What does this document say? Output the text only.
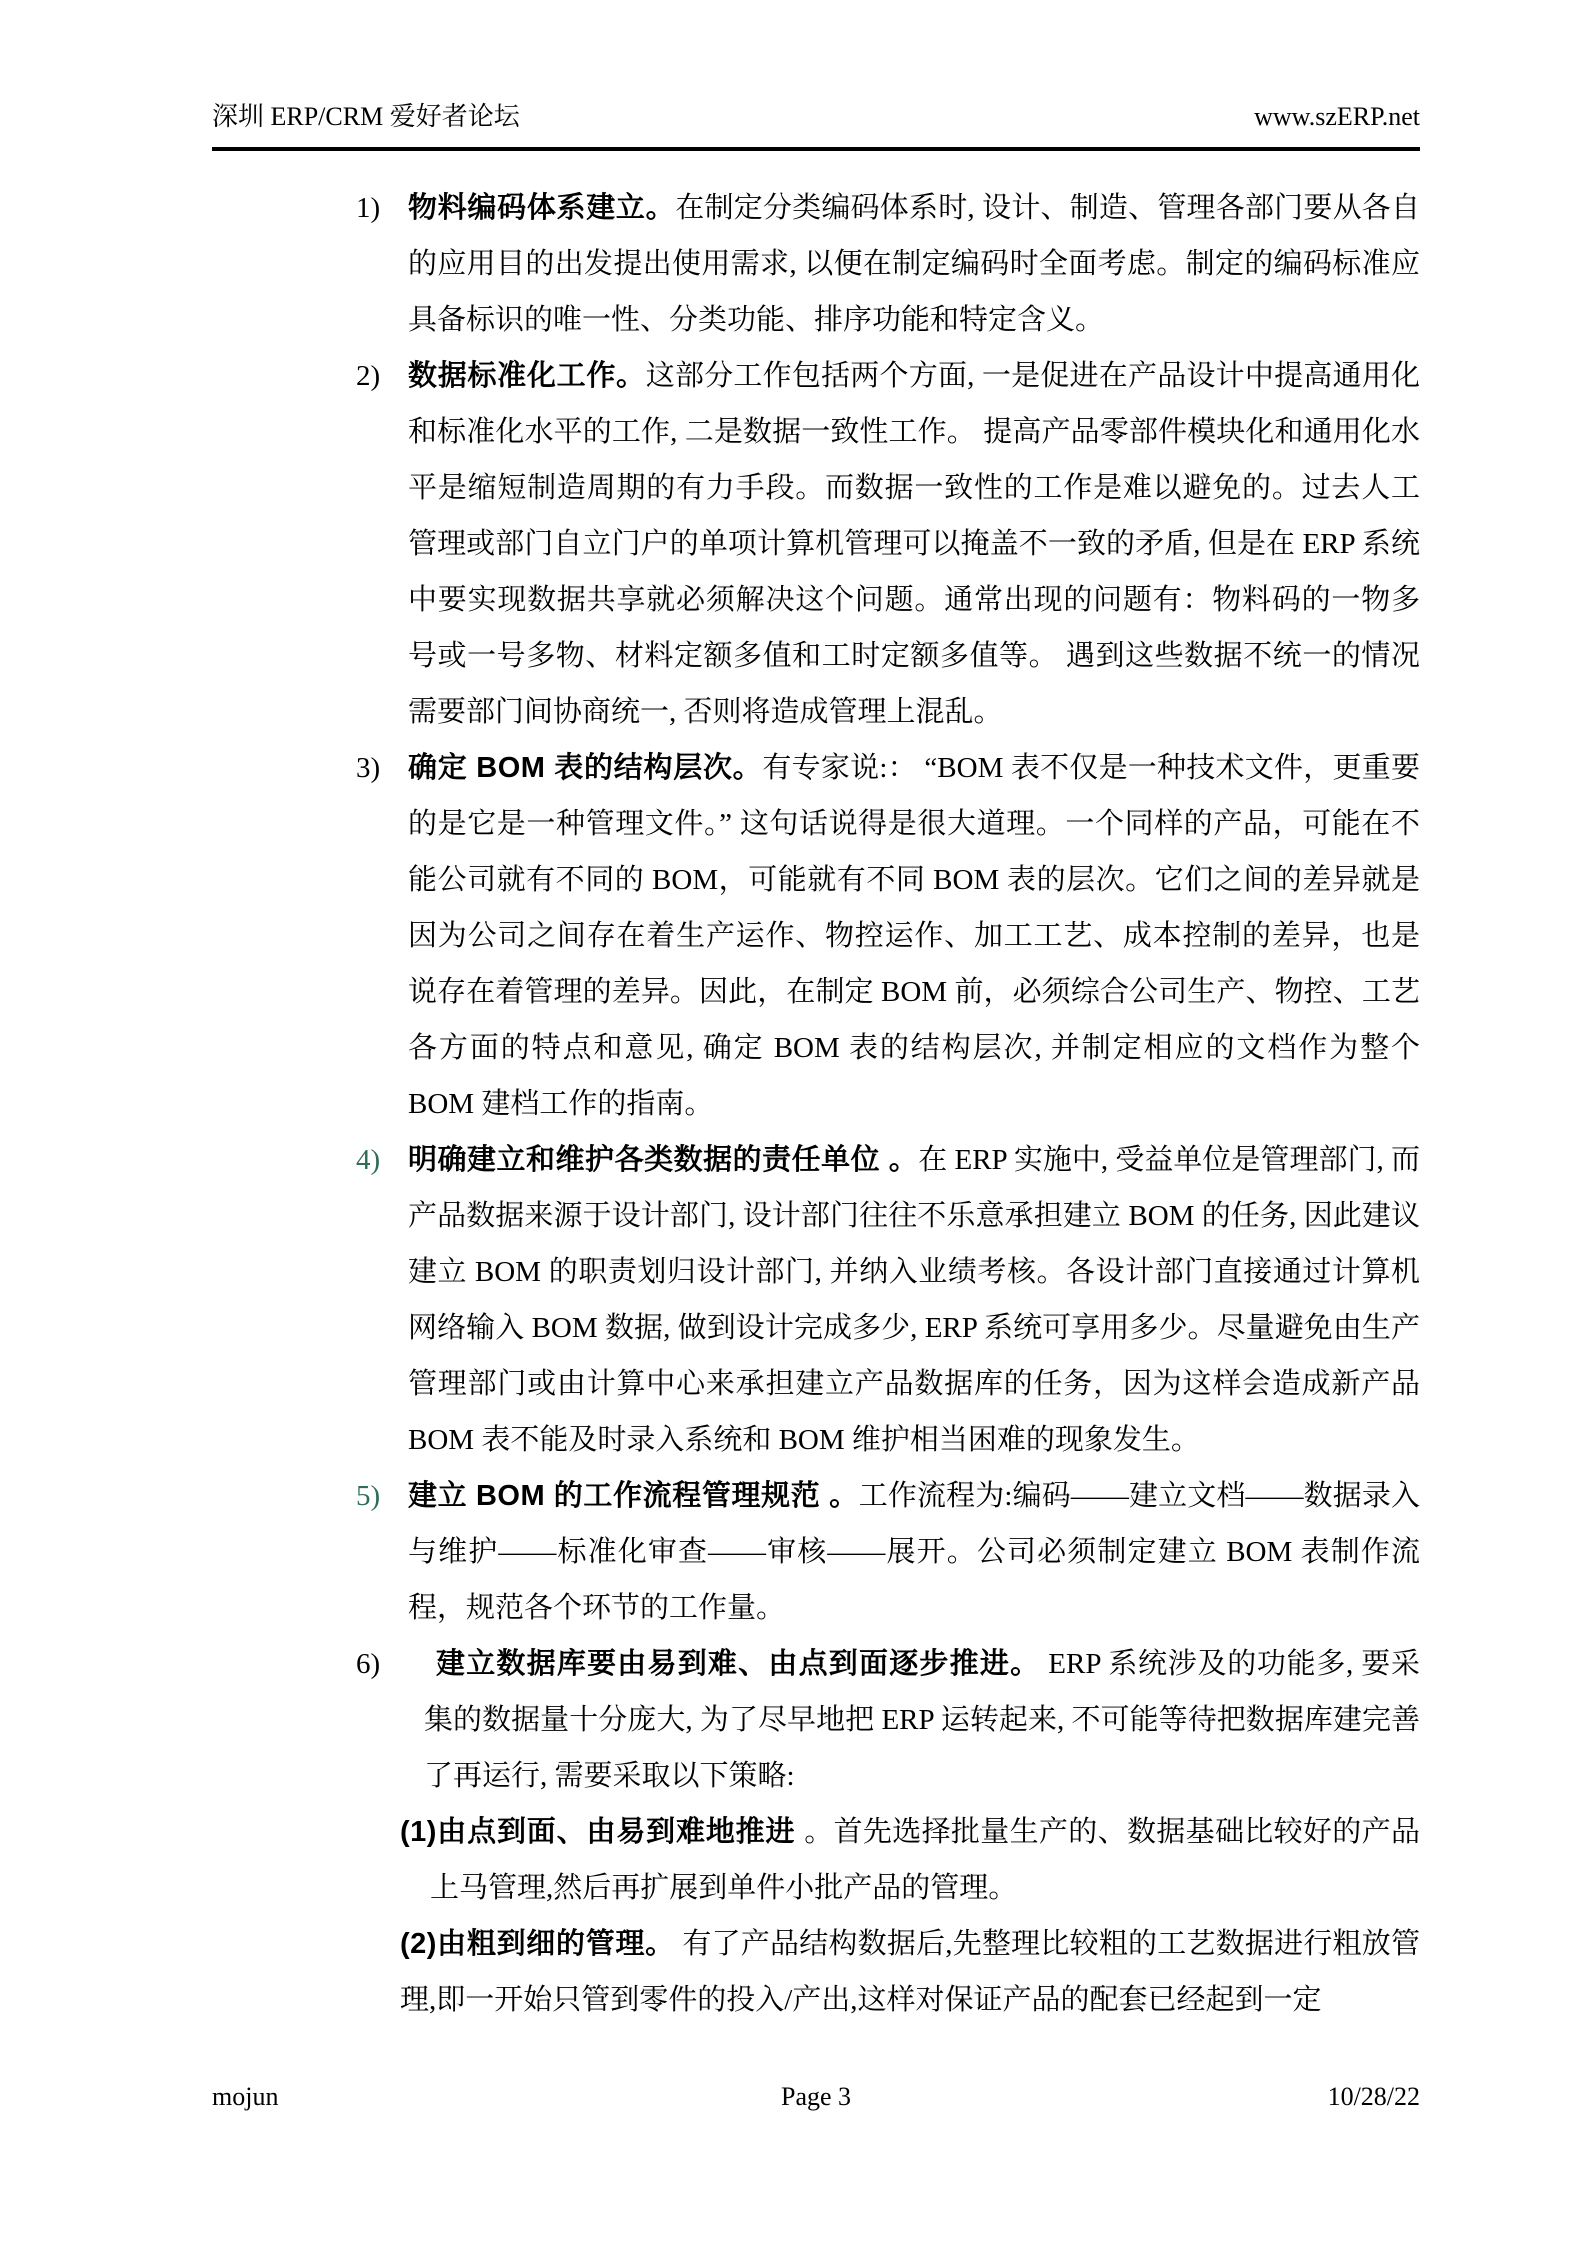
深圳 ERP/CRM 爱好者论坛	www.szERP.net
1) 物料编码体系建立。在制定分类编码体系时, 设计、制造、管理各部门要从各自的应用目的出发提出使用需求, 以便在制定编码时全面考虑。制定的编码标准应具备标识的唯一性、分类功能、排序功能和特定含义。
2) 数据标准化工作。这部分工作包括两个方面, 一是促进在产品设计中提高通用化和标准化水平的工作, 二是数据一致性工作。 提高产品零部件模块化和通用化水平是缩短制造周期的有力手段。而数据一致性的工作是难以避免的。过去人工管理或部门自立门户的单项计算机管理可以掩盖不一致的矛盾, 但是在 ERP 系统中要实现数据共享就必须解决这个问题。通常出现的问题有：物料码的一物多号或一号多物、材料定额多值和工时定额多值等。 遇到这些数据不统一的情况需要部门间协商统一, 否则将造成管理上混乱。
3) 确定 BOM 表的结构层次。有专家说:： “BOM 表不仅是一种技术文件，更重要的是它是一种管理文件。” 这句话说得是很大道理。一个同样的产品，可能在不能公司就有不同的 BOM，可能就有不同 BOM 表的层次。它们之间的差异就是因为公司之间存在着生产运作、物控运作、加工工艺、成本控制的差异，也是说存在着管理的差异。因此，在制定 BOM 前，必须综合公司生产、物控、工艺各方面的特点和意见, 确定 BOM 表的结构层次, 并制定相应的文档作为整个 BOM 建档工作的指南。
4) 明确建立和维护各类数据的责任单位 。在 ERP 实施中, 受益单位是管理部门, 而产品数据来源于设计部门, 设计部门往往不乐意承担建立 BOM 的任务, 因此建议建立 BOM 的职责划归设计部门, 并纳入业绩考核。各设计部门直接通过计算机网络输入 BOM 数据, 做到设计完成多少, ERP 系统可享用多少。尽量避免由生产管理部门或由计算中心来承担建立产品数据库的任务，因为这样会造成新产品 BOM 表不能及时录入系统和 BOM 维护相当困难的现象发生。
5) 建立 BOM 的工作流程管理规范 。工作流程为:编码——建立文档——数据录入与维护——标准化审查——审核——展开。公司必须制定建立 BOM 表制作流程，规范各个环节的工作量。
6)	建立数据库要由易到难、由点到面逐步推进。 ERP 系统涉及的功能多, 要采集的数据量十分庞大, 为了尽早地把 ERP 运转起来, 不可能等待把数据库建完善了再运行, 需要采取以下策略:
(1)由点到面、由易到难地推进 。首先选择批量生产的、数据基础比较好的产品上马管理,然后再扩展到单件小批产品的管理。
(2)由粗到细的管理。 有了产品结构数据后,先整理比较粗的工艺数据进行粗放管理,即一开始只管到零件的投入/产出,这样对保证产品的配套已经起到一定
mojun	Page 3	10/28/22
